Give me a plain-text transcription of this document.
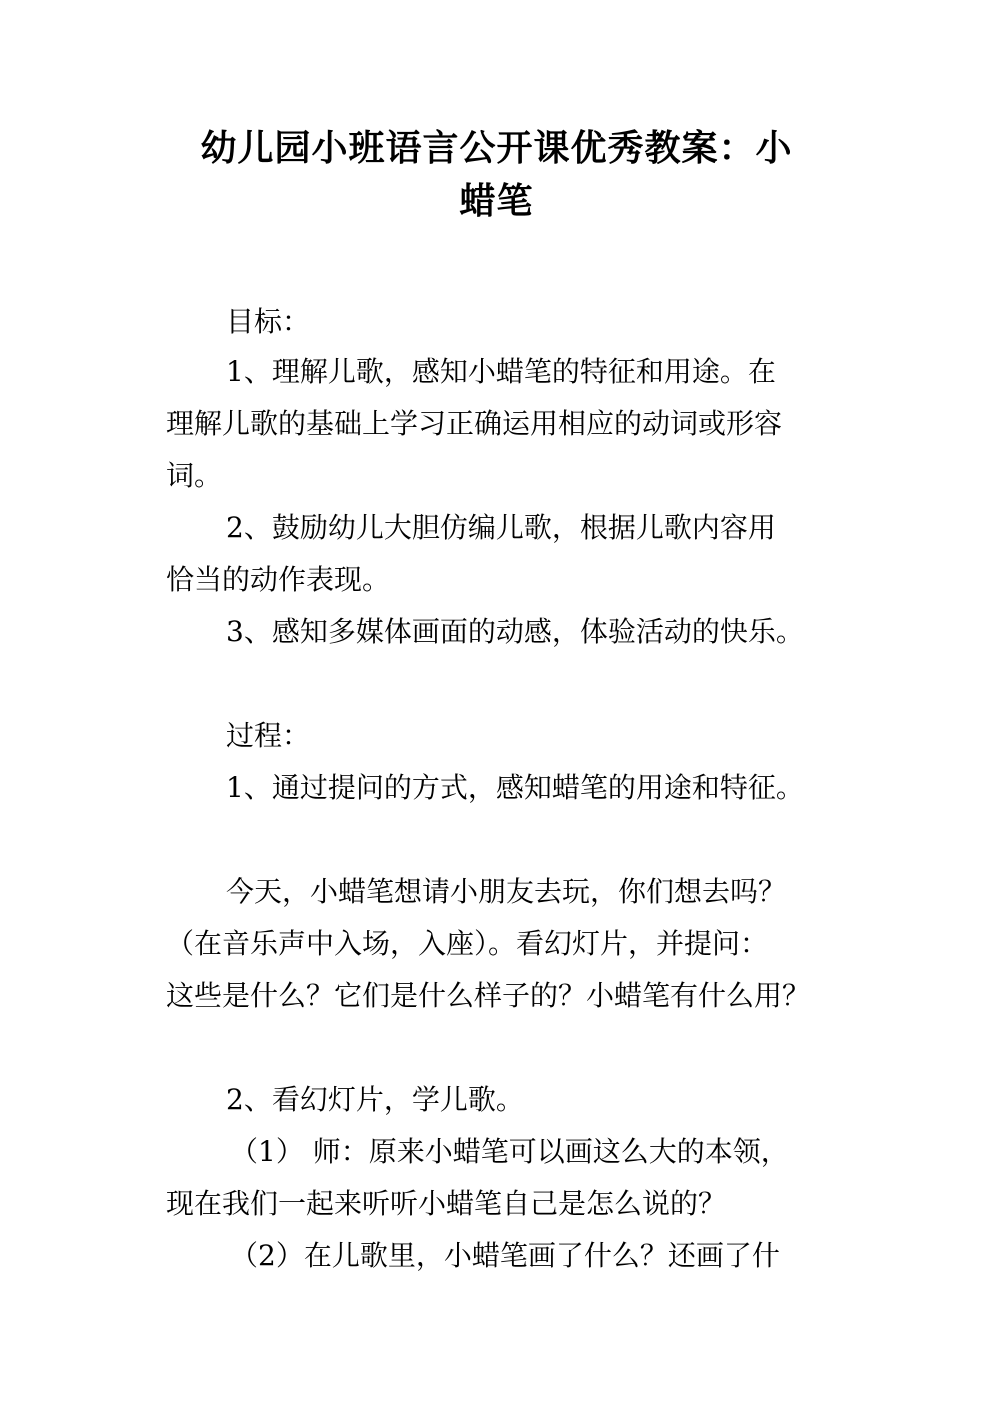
幼儿园小班语言公开课优秀教案：小
蜡笔

目标：

1、理解儿歌，感知小蜡笔的特征和用途。在

理解儿歌的基础上学习正确运用相应的动词或形容

词。

2、鼓励幼儿大胆仿编儿歌，根据儿歌内容用

恰当的动作表现。

3、感知多媒体画面的动感，体验活动的快乐。

过程：

1、通过提问的方式，感知蜡笔的用途和特征。

今天，小蜡笔想请小朋友去玩，你们想去吗？

（在音乐声中入场，入座）。看幻灯片，并提问：

这些是什么？它们是什么样子的？小蜡笔有什么用？

2、看幻灯片，学儿歌。

（1） 师：原来小蜡笔可以画这么大的本领，

现在我们一起来听听小蜡笔自己是怎么说的？

（2）在儿歌里，小蜡笔画了什么？还画了什
